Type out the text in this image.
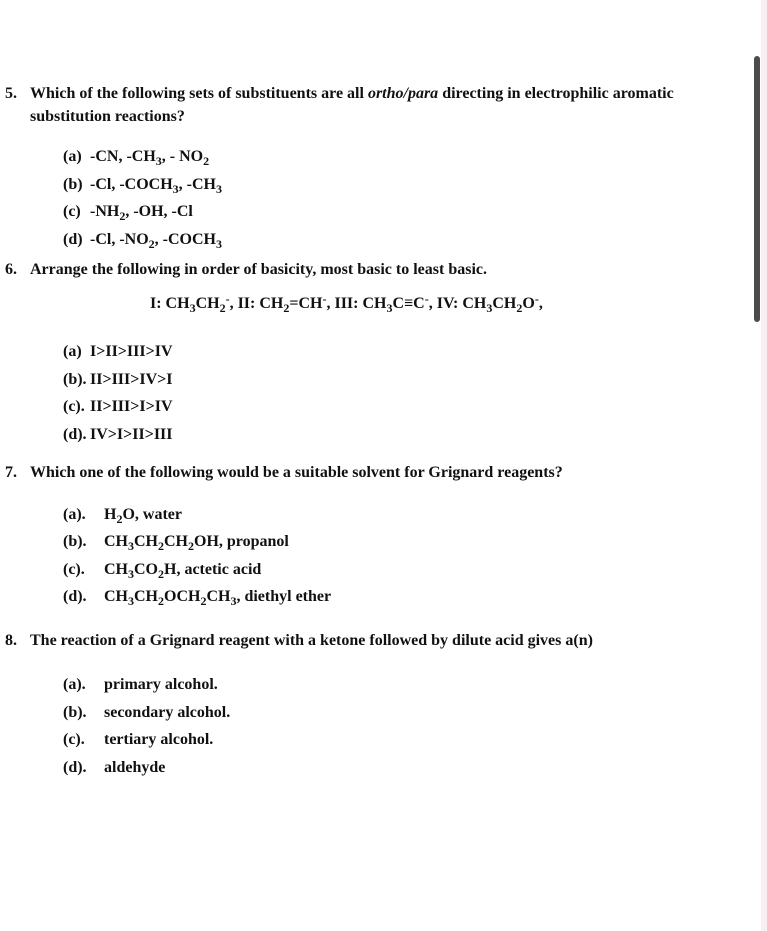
5. Which of the following sets of substituents are all ortho/para directing in electrophilic aromatic
substitution reactions?

(a) -CN, $-CH_3$, - $NO_2$
(b) -Cl, $-COCH_3$, $-CH_3$
(c) $-NH_2$, -OH, -Cl
(d) -Cl, $-NO_2$, $-COCH_3$
6. Arrange the following in order of basicity, most basic to least basic.

I: $CH_3CH_2^-$, II: $CH_2=CH^-$, III: $CH_3C\equiv C^-$, IV: $CH_3CH_2O^-$,

(a) I>II>III>IV
(b). II>III>IV>I
(c). II>III>I>IV
(d). IV>I>II>III
7. Which one of the following would be a suitable solvent for Grignard reagents?

(a).	$H_2O$, water
(b).	$CH_3CH_2CH_2OH$, propanol
(c).	$CH_3CO_2H$, actetic acid
(d).	$CH_3CH_2OCH_2CH_3$, diethyl ether
8. The reaction of a Grignard reagent with a ketone followed by dilute acid gives a(n)

(a).	primary alcohol.
(b).	secondary alcohol.
(c).	tertiary alcohol.
(d).	aldehyde
